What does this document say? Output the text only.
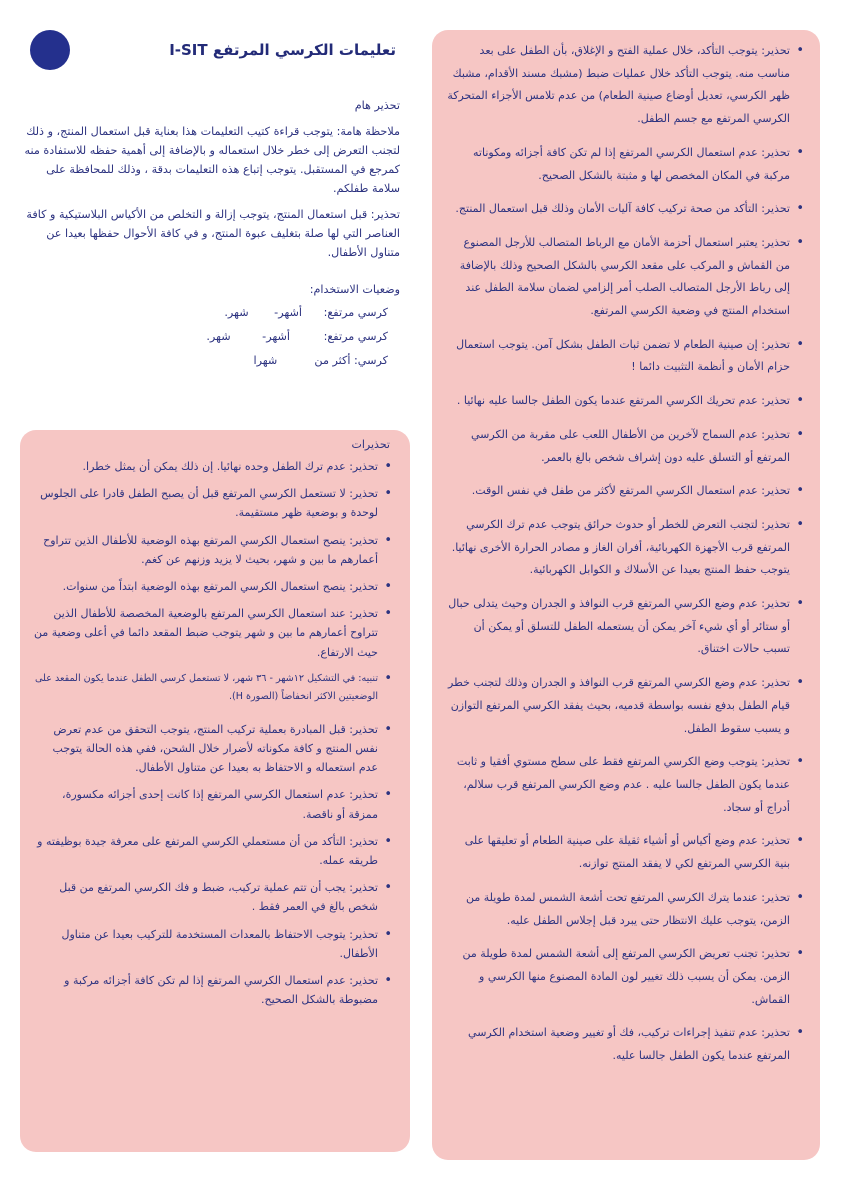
تعليمات الكرسي المرتفع I-SIT

تحذير هام

ملاحظة هامة: يتوجب قراءة كتيب التعليمات هذا بعناية قبل استعمال المنتج، و ذلك لتجنب التعرض إلى خطر خلال استعماله و بالإضافة إلى أهمية حفظه للاستفادة منه كمرجع في المستقبل. يتوجب إتباع هذه التعليمات بدقة ، وذلك للمحافظة على سلامة طفلكم.

تحذير: قبل استعمال المنتج، يتوجب إزالة و التخلص من الأكياس البلاستيكية و كافة العناصر التي لها صلة بتغليف عبوة المنتج، و في كافة الأحوال حفظها بعيدا عن متناول الأطفال.

وضعيات الاستخدام:

كرسي مرتفع: أشهر- شهر.
كرسي مرتفع: أشهر- شهر.
كرسي: أكثر من  شهرا
تحذيرات
• تحذير: عدم ترك الطفل وحده نهائيا. إن ذلك يمكن أن يمثل خطرا.
• تحذير: لا تستعمل الكرسي المرتفع قبل أن يصبح الطفل قادرا على الجلوس لوحدة و بوضعية ظهر مستقيمة.
• تحذير: ينصح استعمال الكرسي المرتفع بهذه الوضعية للأطفال الذين تتراوح أعمارهم ما بين و شهر، بحيث لا يزيد وزنهم عن كغم.
• تحذير: ينصح استعمال الكرسي المرتفع بهذه الوضعية ابتداً من سنوات.
• تحذير: عند استعمال الكرسي المرتفع بالوضعية المخصصة للأطفال الذين تتراوح أعمارهم ما بين و شهر يتوجب ضبط المقعد دائما في أعلى وضعية من حيث الارتفاع.
• تنبيه: في التشكيل ١٢شهر - ٣٦ شهر، لا تستعمل كرسي الطفل عندما يكون المقعد على الوضعيتين الاكثر انخفاضاً (الصورة H).
• تحذير: قبل المبادرة بعملية تركيب المنتج، يتوجب التحقق من عدم تعرض نفس المنتج و كافة مكوناته لأضرار خلال الشحن، ففي هذه الحالة يتوجب عدم استعماله و الاحتفاظ به بعيدا عن متناول الأطفال.
• تحذير: عدم استعمال الكرسي المرتفع إذا كانت إحدى أجزائه مكسورة، ممزقة أو ناقصة.
• تحذير: التأكد من أن مستعملي الكرسي المرتفع على معرفة جيدة بوظيفته و طريقه عمله.
• تحذير: يجب أن تتم عملية تركيب، ضبط و فك الكرسي المرتفع من قبل شخص بالغ في العمر فقط .
• تحذير: يتوجب الاحتفاظ بالمعدات المستخدمة للتركيب بعيدا عن متناول الأطفال.
• تحذير: عدم استعمال الكرسي المرتفع إذا لم تكن كافة أجزائه مركبة و مضبوطة بالشكل الصحيح.
• تحذير: يتوجب التأكد، خلال عملية الفتح و الإغلاق، بأن الطفل على بعد مناسب منه. يتوجب التأكد خلال عمليات ضبط (مشبك مسند الأقدام، مشبك ظهر الكرسي، تعديل أوضاع صينية الطعام) من عدم تلامس الأجزاء المتحركة الكرسي المرتفع مع جسم الطفل.
• تحذير: عدم استعمال الكرسي المرتفع إذا لم تكن كافة أجزائه ومكوناته مركبة في المكان المخصص لها و مثبتة بالشكل الصحيح.
• تحذير: التأكد من صحة تركيب كافة آليات الأمان وذلك قبل استعمال المنتج.
• تحذير: يعتبر استعمال أحزمة الأمان مع الرباط المتصالب للأرجل المصنوع من القماش و المركب على مقعد الكرسي بالشكل الصحيح وذلك بالإضافة إلى رباط الأرجل المتصالب الصلب أمر إلزامي لضمان سلامة الطفل عند استخدام المنتج في وضعية الكرسي المرتفع.
• تحذير: إن صينية الطعام لا تضمن ثبات الطفل بشكل آمن. يتوجب استعمال حزام الأمان و أنظمة التثبيت دائما !
• تحذير: عدم تحريك الكرسي المرتفع عندما يكون الطفل جالسا عليه نهائيا .
• تحذير: عدم السماح لآخرين من الأطفال اللعب على مقربة من الكرسي المرتفع أو التسلق عليه دون إشراف شخص بالغ بالعمر.
• تحذير: عدم استعمال الكرسي المرتفع لأكثر من طفل في نفس الوقت.
• تحذير: لتجنب التعرض للخطر أو حدوث حرائق يتوجب عدم ترك الكرسي المرتفع قرب الأجهزة الكهربائية، أفران الغاز و مصادر الحرارة الأخرى نهائيا. يتوجب حفظ المنتج بعيدا عن الأسلاك و الكوابل الكهربائية.
• تحذير: عدم وضع الكرسي المرتفع قرب النوافذ و الجدران وحيث يتدلى حبال أو ستائر أو أي شيء آخر يمكن أن يستعمله الطفل للتسلق أو يمكن أن تسبب حالات اختناق.
• تحذير: عدم وضع الكرسي المرتفع قرب النوافذ و الجدران وذلك لتجنب خطر قيام الطفل بدفع نفسه بواسطة قدميه، بحيث يفقد الكرسي المرتفع التوازن و يسبب سقوط الطفل.
• تحذير: يتوجب وضع الكرسي المرتفع فقط على سطح مستوي أفقيا و ثابت عندما يكون الطفل جالسا عليه . عدم وضع الكرسي المرتفع قرب سلالم، أدراج أو سجاد.
• تحذير: عدم وضع أكياس أو أشياء ثقيلة على صينية الطعام أو تعليقها على بنية الكرسي المرتفع لكي لا يفقد المنتج توازنه.
• تحذير: عندما يترك الكرسي المرتفع تحت أشعة الشمس لمدة طويلة من الزمن، يتوجب عليك الانتظار حتى يبرد قبل إجلاس الطفل عليه.
• تحذير: تجنب تعريض الكرسي المرتفع إلى أشعة الشمس لمدة طويلة من الزمن. يمكن أن يسبب ذلك تغيير لون المادة المصنوع منها الكرسي و القماش.
• تحذير: عدم تنفيذ إجراءات تركيب، فك أو تغيير وضعية استخدام الكرسي المرتفع عندما يكون الطفل جالسا عليه.
